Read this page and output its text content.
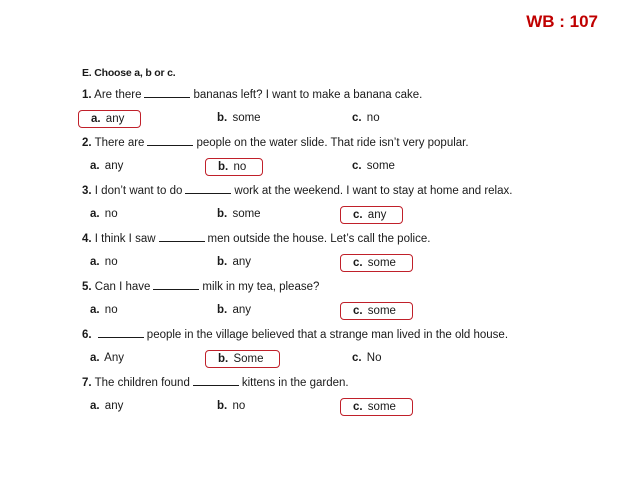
WB : 107
E. Choose a, b or c.
1. Are there	bananas left? I want to make a banana cake.
a. any	b. some	c. no
2. There are	people on the water slide. That ride isn’t very popular.
a. any	b. no	c. some
3. I don’t want to do	work at the weekend. I want to stay at home and relax.
a. no	b. some	c. any
4. I think I saw	men outside the house. Let’s call the police.
a. no	b. any	c. some
5. Can I have	milk in my tea, please?
a. no	b. any	c. some
6.	people in the village believed that a strange man lived in the old house.
a. Any	b. Some	c. No
7. The children found	kittens in the garden.
a. any	b. no	c. some
